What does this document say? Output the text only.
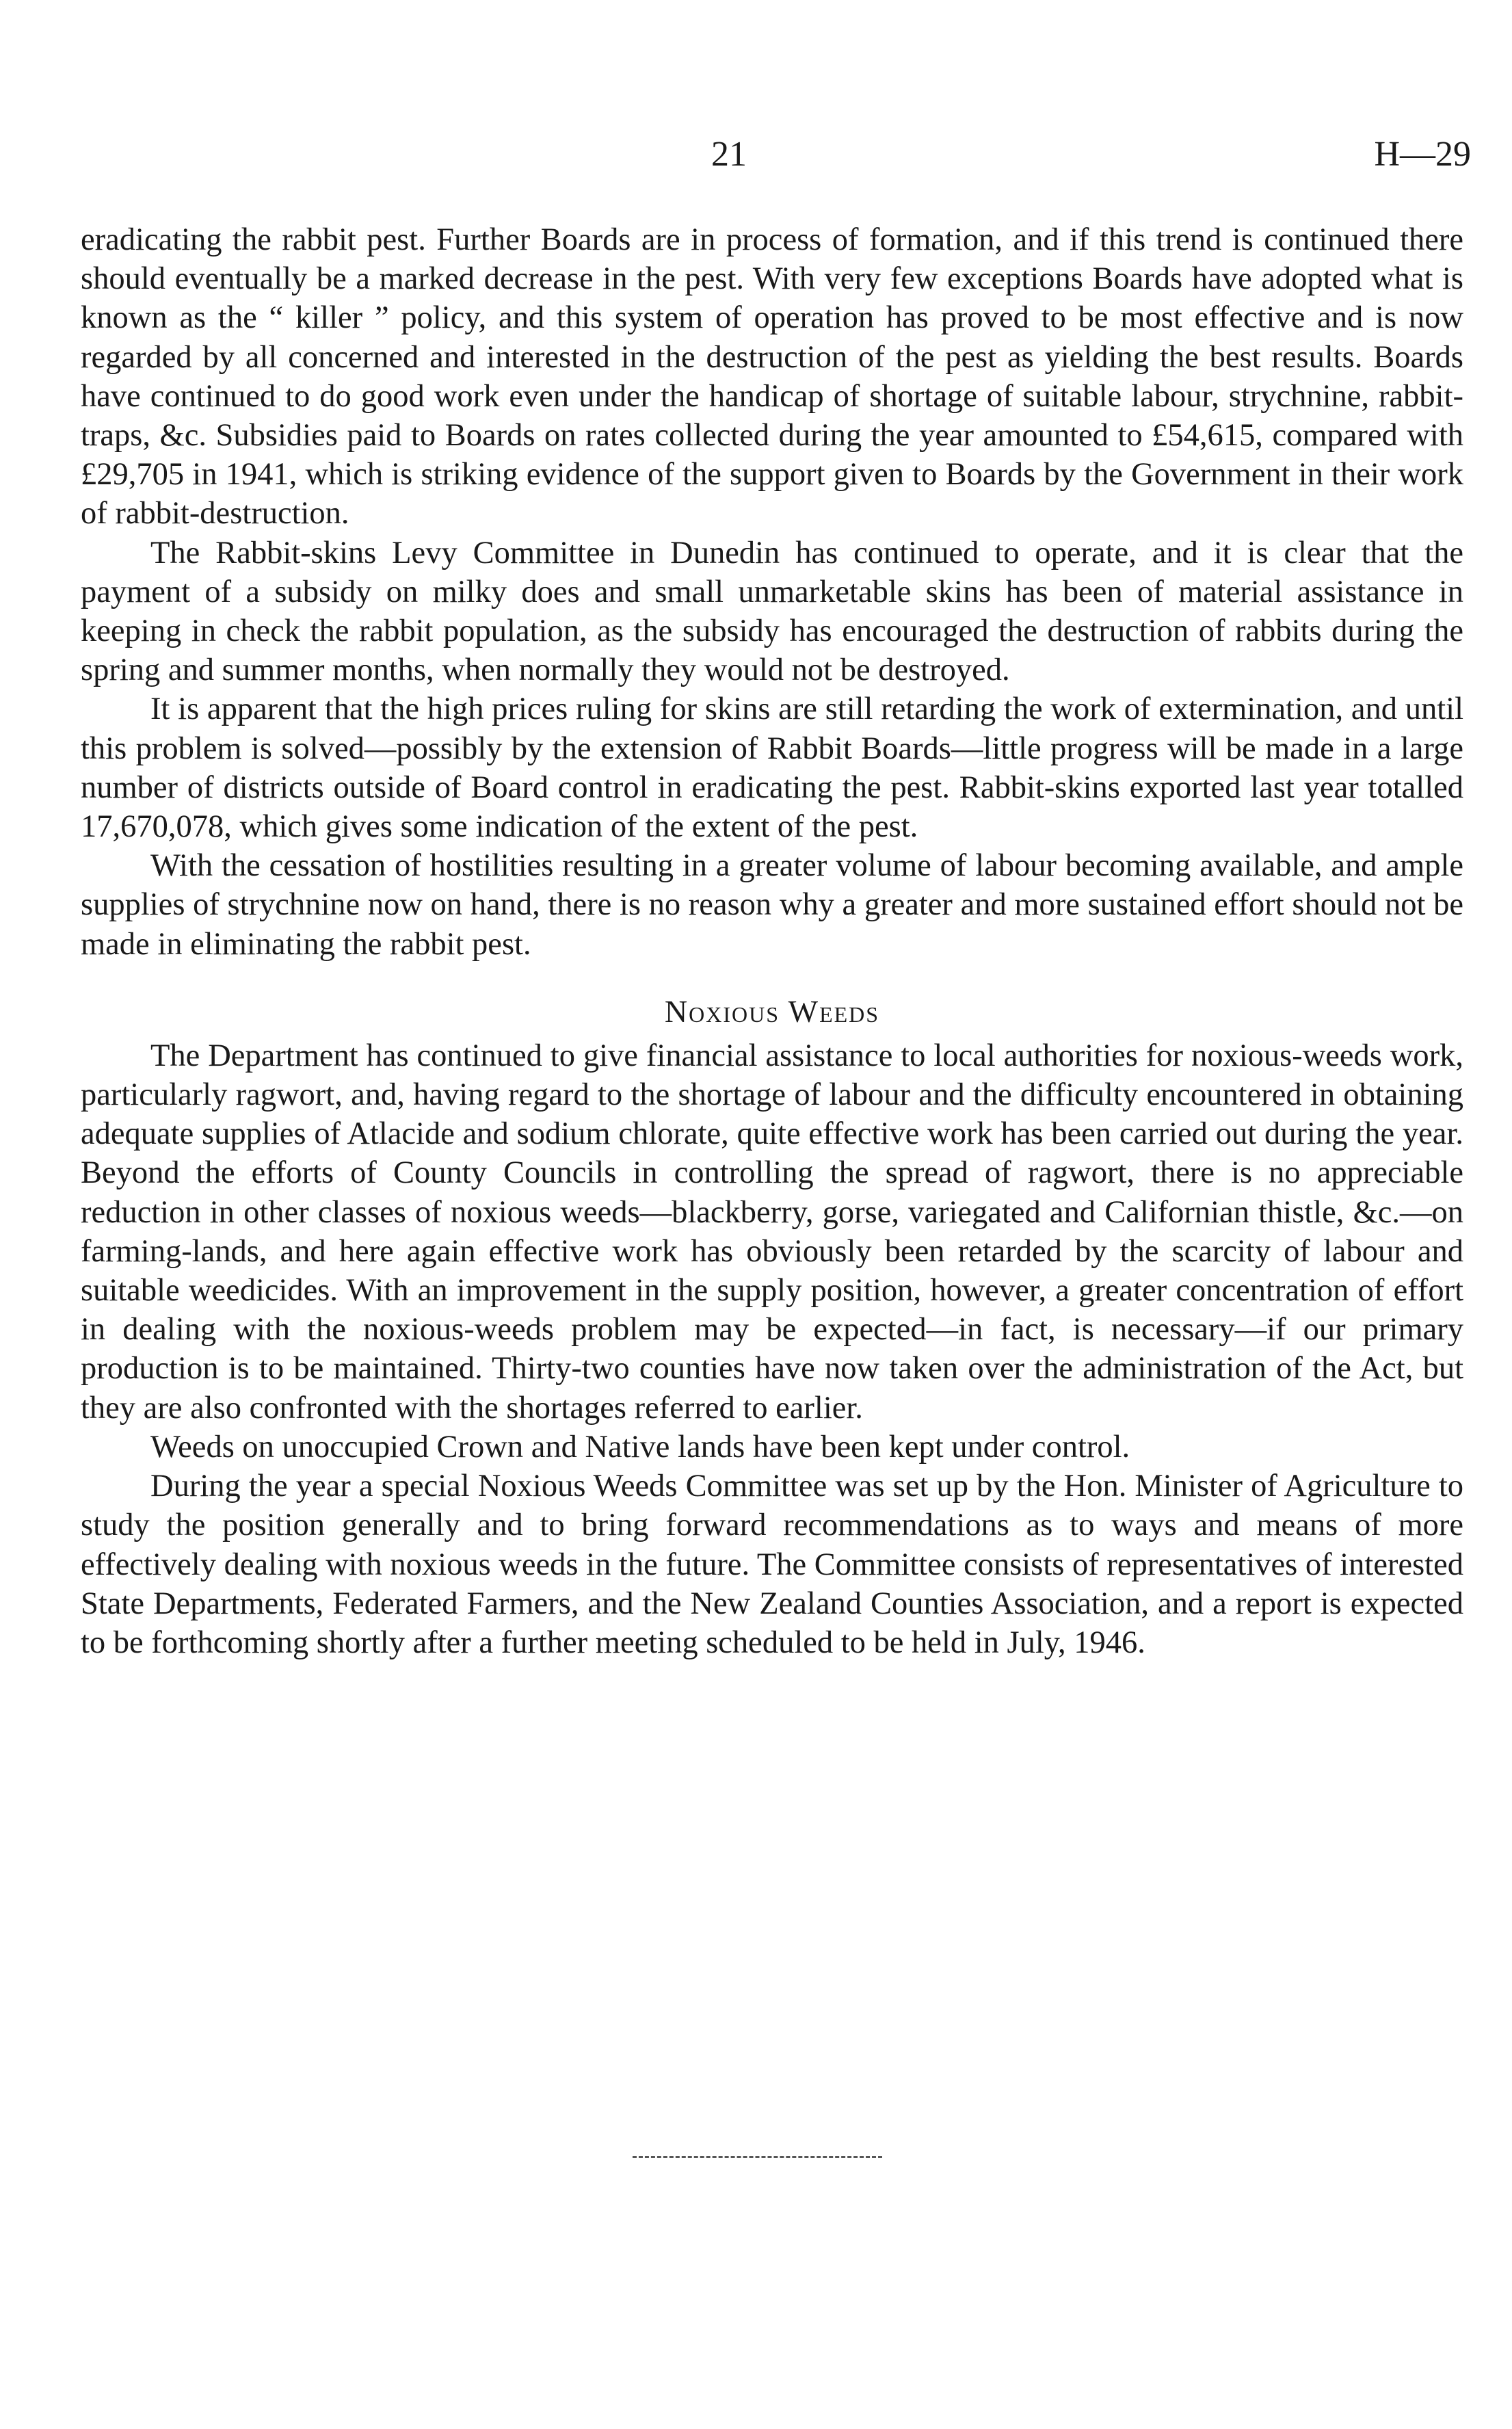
21	H—29

eradicating the rabbit pest. Further Boards are in process of formation, and if this trend is continued there should eventually be a marked decrease in the pest. With very few exceptions Boards have adopted what is known as the “ killer ” policy, and this system of operation has proved to be most effective and is now regarded by all concerned and interested in the destruction of the pest as yielding the best results. Boards have continued to do good work even under the handicap of shortage of suitable labour, strychnine, rabbit-traps, &c. Subsidies paid to Boards on rates collected during the year amounted to £54,615, compared with £29,705 in 1941, which is striking evidence of the support given to Boards by the Government in their work of rabbit-destruction.

The Rabbit-skins Levy Committee in Dunedin has continued to operate, and it is clear that the payment of a subsidy on milky does and small unmarketable skins has been of material assistance in keeping in check the rabbit population, as the subsidy has encouraged the destruction of rabbits during the spring and summer months, when normally they would not be destroyed.

It is apparent that the high prices ruling for skins are still retarding the work of extermination, and until this problem is solved—possibly by the extension of Rabbit Boards—little progress will be made in a large number of districts outside of Board control in eradicating the pest. Rabbit-skins exported last year totalled 17,670,078, which gives some indication of the extent of the pest.

With the cessation of hostilities resulting in a greater volume of labour becoming available, and ample supplies of strychnine now on hand, there is no reason why a greater and more sustained effort should not be made in eliminating the rabbit pest.

Noxious Weeds

The Department has continued to give financial assistance to local authorities for noxious-weeds work, particularly ragwort, and, having regard to the shortage of labour and the difficulty encountered in obtaining adequate supplies of Atlacide and sodium chlorate, quite effective work has been carried out during the year. Beyond the efforts of County Councils in controlling the spread of ragwort, there is no appreciable reduction in other classes of noxious weeds—blackberry, gorse, variegated and Californian thistle, &c.—on farming-lands, and here again effective work has obviously been retarded by the scarcity of labour and suitable weedicides. With an improvement in the supply position, however, a greater concentration of effort in dealing with the noxious-weeds problem may be expected—in fact, is necessary—if our primary production is to be maintained. Thirty-two counties have now taken over the administration of the Act, but they are also confronted with the shortages referred to earlier.

Weeds on unoccupied Crown and Native lands have been kept under control.

During the year a special Noxious Weeds Committee was set up by the Hon. Minister of Agriculture to study the position generally and to bring forward recommendations as to ways and means of more effectively dealing with noxious weeds in the future. The Committee consists of representatives of interested State Departments, Federated Farmers, and the New Zealand Counties Association, and a report is expected to be forthcoming shortly after a further meeting scheduled to be held in July, 1946.
